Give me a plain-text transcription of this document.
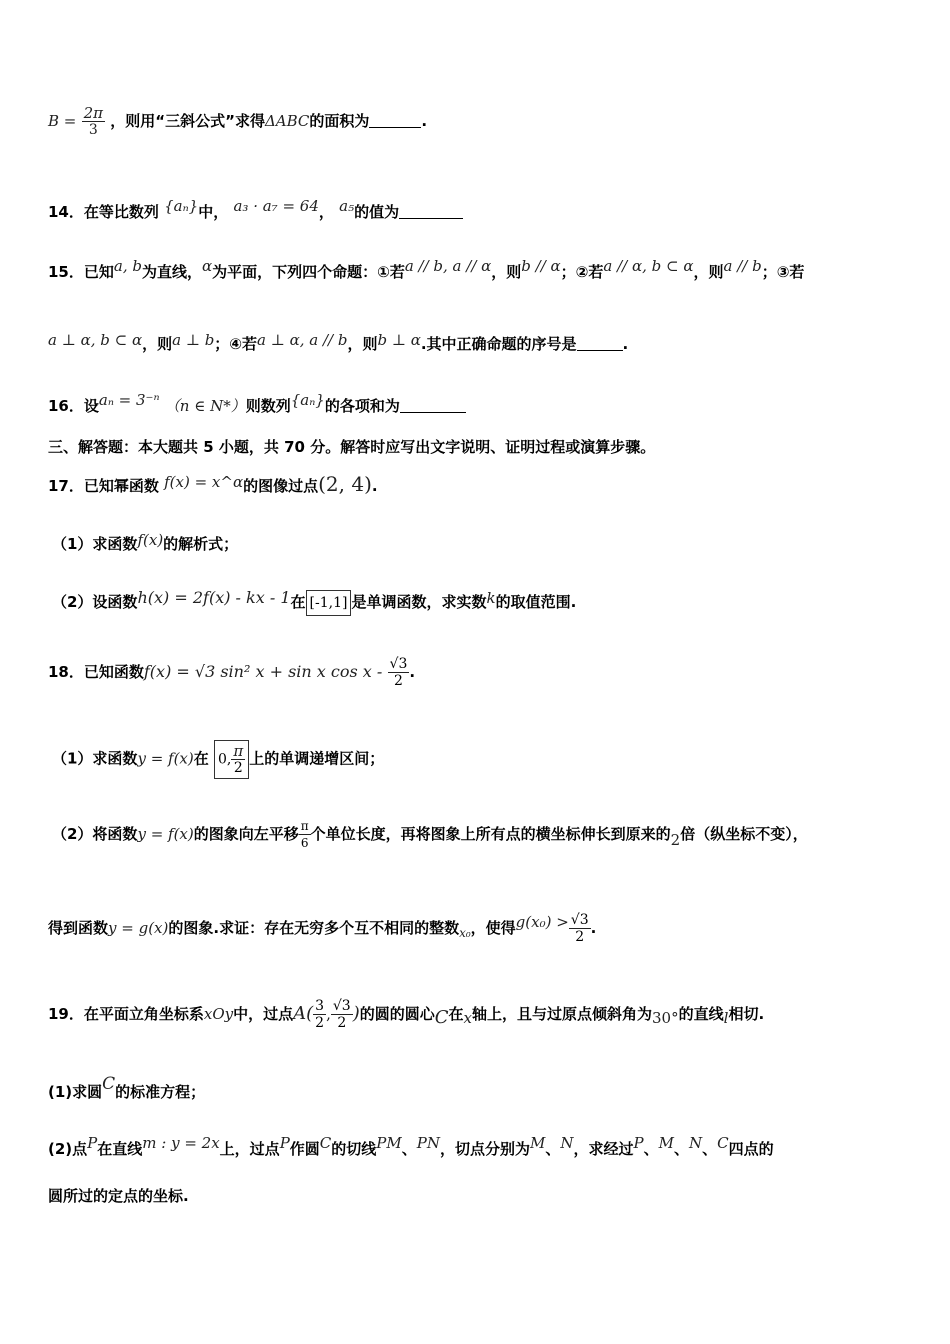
$B = \frac{2\pi}{3}$ ，则用“三斜公式”求得ΔABC的面积为	.
14．在等比数列 {aₙ}中， a₃ · a₇ = 64， a₅的值为
15．已知a, b为直线，α为平面，下列四个命题：①若a // b, a // α，则b // α；②若a // α, b ⊂ α，则a // b；③若
a ⊥ α, b ⊂ α，则a ⊥ b；④若a ⊥ α, a // b，则b ⊥ α.其中正确命题的序号是	.
16．设aₙ = 3⁻ⁿ （n ∈ N*）则数列{aₙ}的各项和为
三、解答题：本大题共 5 小题，共 70 分。解答时应写出文字说明、证明过程或演算步骤。
17．已知幂函数 f(x) = x^α的图像过点(2, 4).
（1）求函数f(x)的解析式；
（2）设函数h(x) = 2f(x) - kx - 1在 [-1,1] 是单调函数，求实数k的取值范围.
18．已知函数f(x) = √3 sin² x + sin x cos x - $\frac{√3}{2}$ .
（1）求函数y = f(x)在 0, $\frac{\pi}{2}$ 上的单调递增区间；
（2）将函数y = f(x)的图象向左平移 $\frac{\pi}{6}$ 个单位长度，再将图象上所有点的横坐标伸长到原来的2倍（纵坐标不变），
得到函数y = g(x)的图象.求证：存在无穷多个互不相同的整数$_{x_0}$，使得$g(x_0) > \frac{√3}{2}$ .
19．在平面立角坐标系xOy中，过点$A( \frac{3}{2}$ , $\frac{√3}{2}$ )的圆的圆心C在x轴上，且与过原点倾斜角为30°的直线l相切.
(1)求圆C的标准方程；
(2)点P在直线m : y = 2x上，过点P作圆C的切线PM、PN，切点分别为M、N，求经过P、M、N、C四点的
圆所过的定点的坐标.
